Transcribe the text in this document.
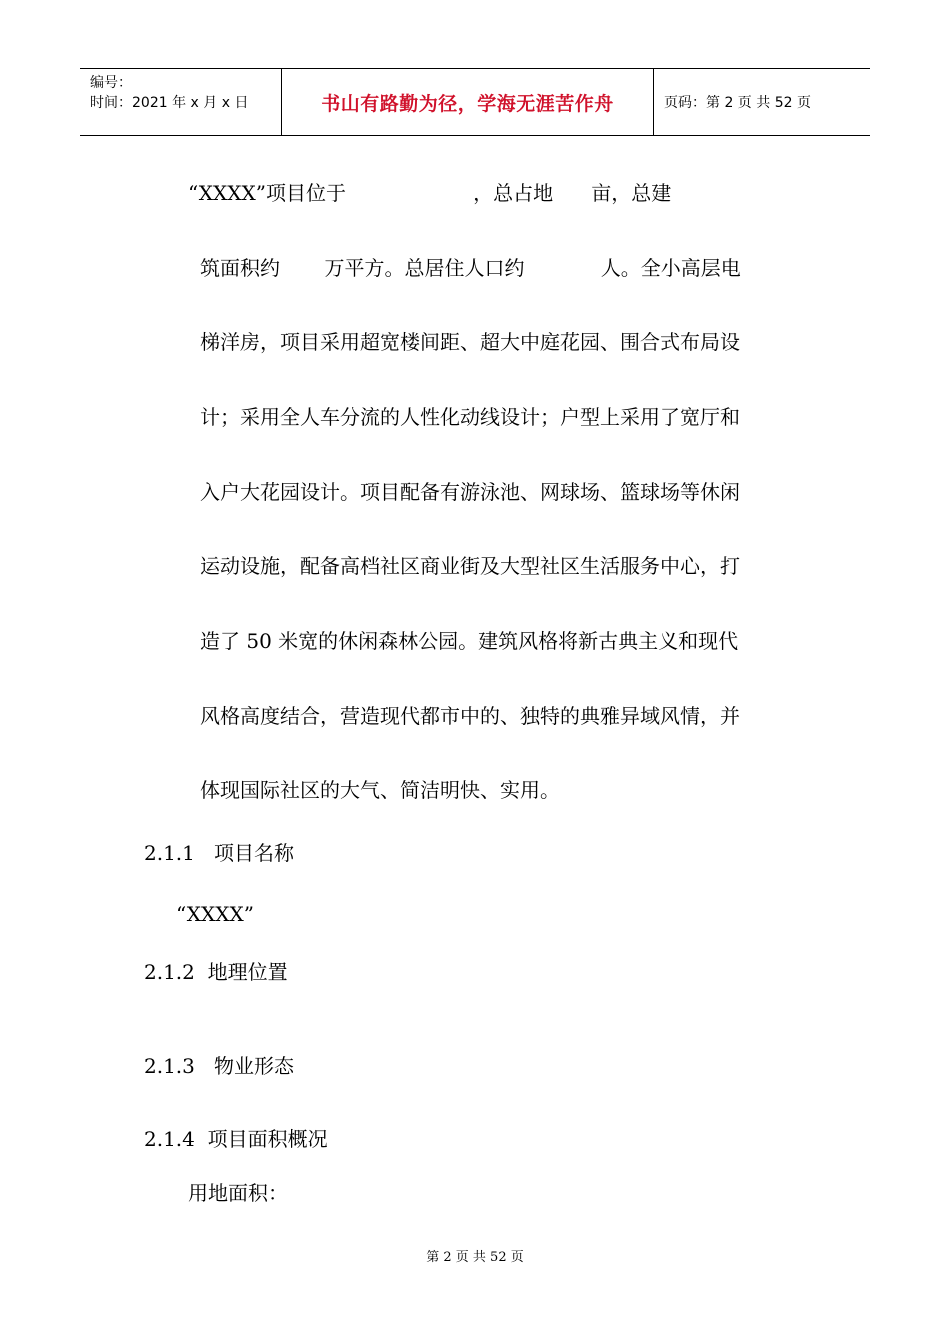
编号：
时间：2021 年 x 月 x 日	书山有路勤为径，学海无涯苦作舟	页码：第 2 页 共 52 页
“XXXX”项目位于                    ，总占地      亩，总建
筑面积约       万平方。总居住人口约            人。全小高层电
梯洋房，项目采用超宽楼间距、超大中庭花园、围合式布局设
计；采用全人车分流的人性化动线设计；户型上采用了宽厅和
入户大花园设计。项目配备有游泳池、网球场、篮球场等休闲
运动设施，配备高档社区商业街及大型社区生活服务中心，打
造了 50 米宽的休闲森林公园。建筑风格将新古典主义和现代
风格高度结合，营造现代都市中的、独特的典雅异域风情，并
体现国际社区的大气、简洁明快、实用。
2.1.1   项目名称
“XXXX”
2.1.2  地理位置
2.1.3   物业形态
2.1.4  项目面积概况
用地面积：
第 2 页 共 52 页
